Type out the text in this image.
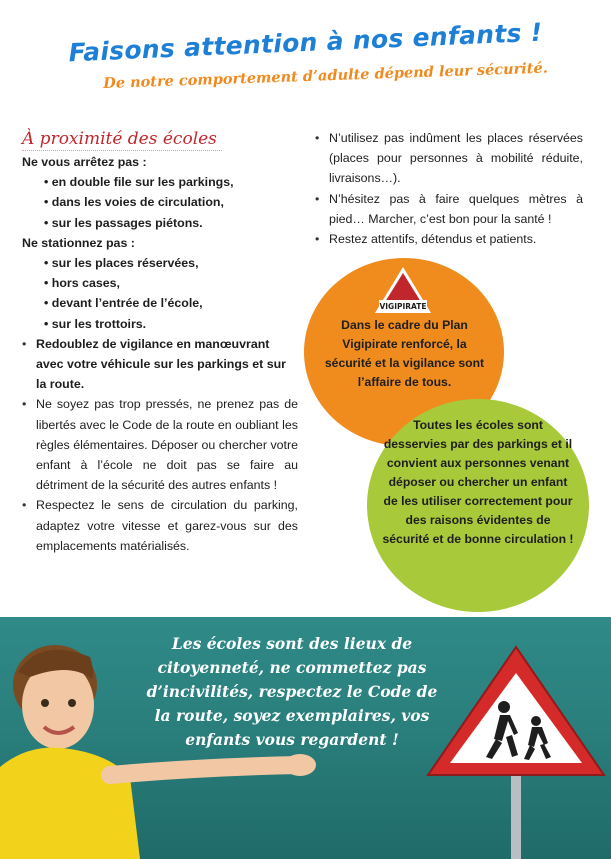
Faisons attention à nos enfants !
De notre comportement d’adulte dépend leur sécurité.
À proximité des écoles
Ne vous arrêtez pas :
• en double file sur les parkings,
• dans les voies de circulation,
• sur les passages piétons.
Ne stationnez pas :
• sur les places réservées,
• hors cases,
• devant l’entrée de l’école,
• sur les trottoirs.
• Redoublez de vigilance en manœuvrant avec votre véhicule sur les parkings et sur la route.
• Ne soyez pas trop pressés, ne prenez pas de libertés avec le Code de la route en oubliant les règles élémentaires. Déposer ou chercher votre enfant à l’école ne doit pas se faire au détriment de la sécurité des autres enfants !
• Respectez le sens de circulation du parking, adaptez votre vitesse et garez-vous sur des emplacements matérialisés.
• N’utilisez pas indûment les places réservées (places pour personnes à mobilité réduite, livraisons…).
• N’hésitez pas à faire quelques mètres à pied… Marcher, c’est bon pour la santé !
• Restez attentifs, détendus et patients.
VIGIPIRATE
Dans le cadre du Plan Vigipirate renforcé, la sécurité et la vigilance sont l’affaire de tous.
Toutes les écoles sont desservies par des parkings et il convient aux personnes venant déposer ou chercher un enfant de les utiliser correctement pour des raisons évidentes de sécurité et de bonne circulation !
Les écoles sont des lieux de citoyenneté, ne commettez pas d’incivilités, respectez le Code de la route, soyez exemplaires, vos enfants vous regardent !
